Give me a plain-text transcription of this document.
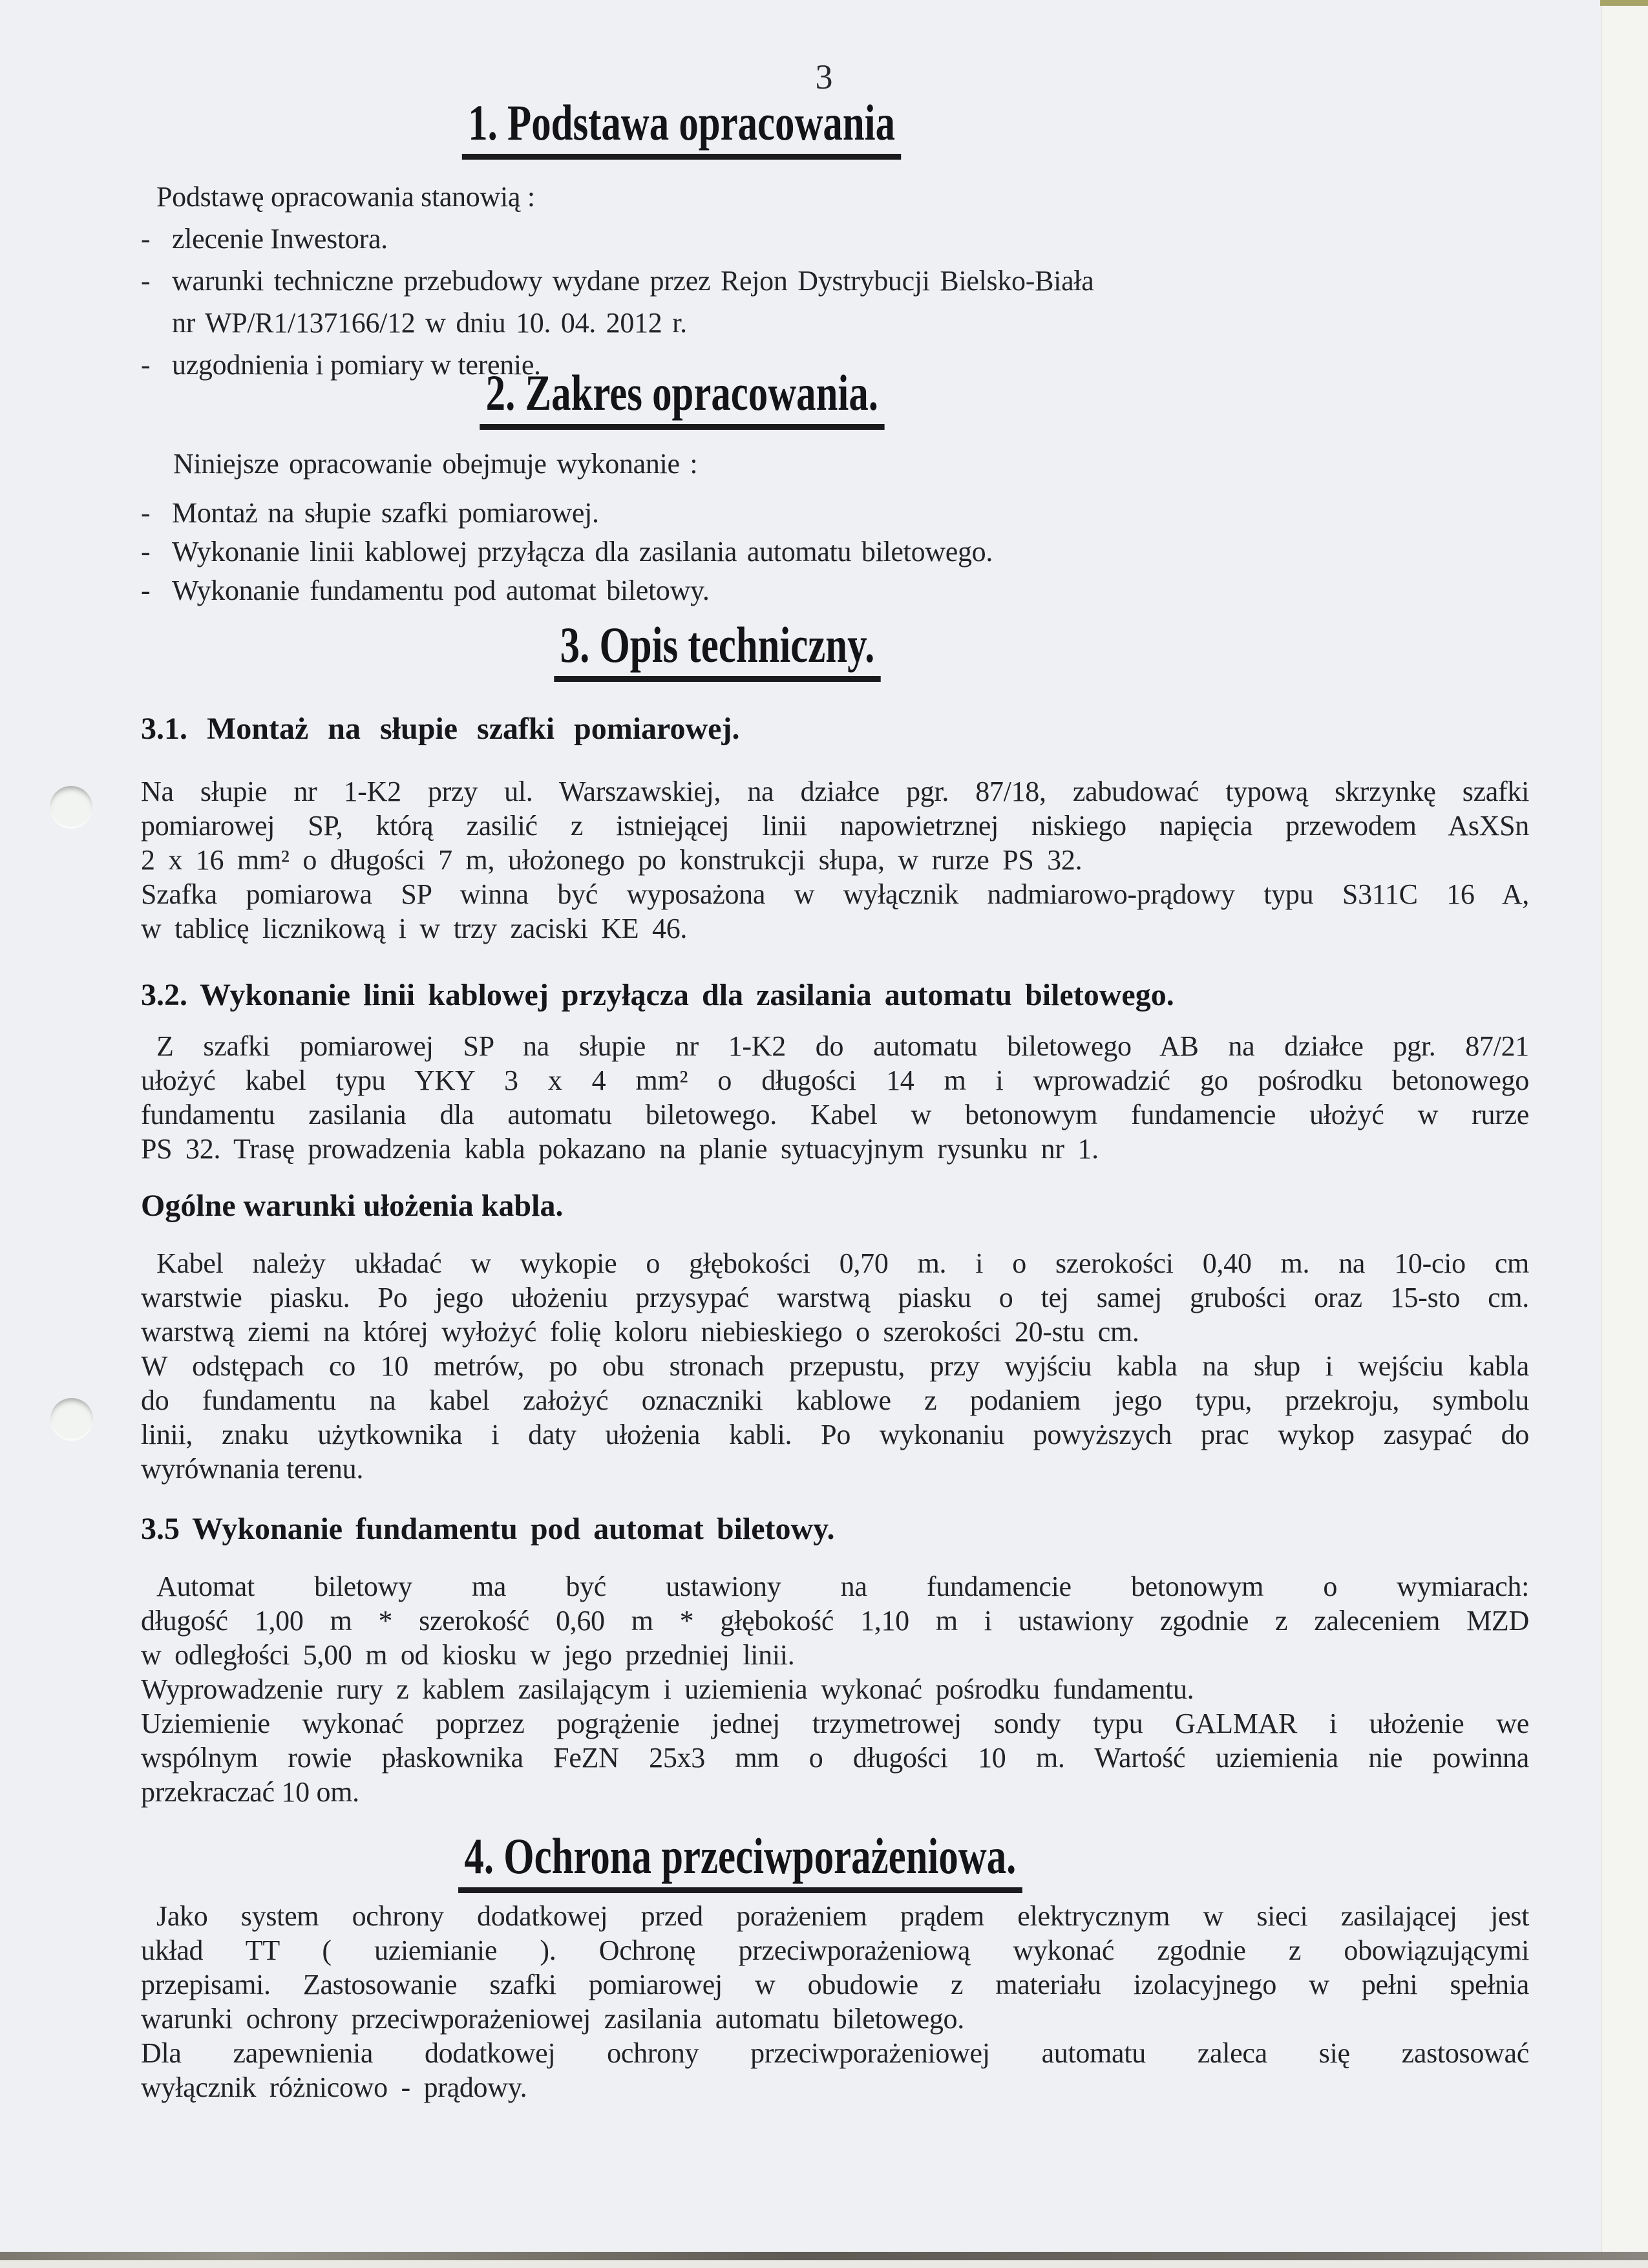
3
1. Podstawa opracowania
Podstawę opracowania stanowią :
- zlecenie Inwestora.
- warunki techniczne przebudowy wydane przez Rejon Dystrybucji Bielsko-Biała
nr WP/R1/137166/12 w dniu 10. 04. 2012 r.
- uzgodnienia i pomiary w terenie.
2. Zakres opracowania.
Niniejsze opracowanie obejmuje wykonanie :
- Montaż na słupie szafki pomiarowej.
- Wykonanie linii kablowej przyłącza dla zasilania automatu biletowego.
- Wykonanie fundamentu pod automat biletowy.
3. Opis techniczny.
3.1. Montaż na słupie szafki pomiarowej.
Na słupie nr 1-K2 przy ul. Warszawskiej, na działce pgr. 87/18, zabudować typową skrzynkę szafki
pomiarowej SP, którą zasilić z istniejącej linii napowietrznej niskiego napięcia przewodem AsXSn
2 x 16 mm² o długości 7 m, ułożonego po konstrukcji słupa, w rurze PS 32.
Szafka pomiarowa SP winna być wyposażona w wyłącznik nadmiarowo-prądowy typu S311C 16 A,
w tablicę licznikową i w trzy zaciski KE 46.
3.2. Wykonanie linii kablowej przyłącza dla zasilania automatu biletowego.
Z szafki pomiarowej SP na słupie nr 1-K2 do automatu biletowego AB na działce pgr. 87/21
ułożyć kabel typu YKY 3 x 4 mm² o długości 14 m i wprowadzić go pośrodku betonowego
fundamentu zasilania dla automatu biletowego. Kabel w betonowym fundamencie ułożyć w rurze
PS 32. Trasę prowadzenia kabla pokazano na planie sytuacyjnym rysunku nr 1.
Ogólne warunki ułożenia kabla.
Kabel należy układać w wykopie o głębokości 0,70 m. i o szerokości 0,40 m. na 10-cio cm
warstwie piasku. Po jego ułożeniu przysypać warstwą piasku o tej samej grubości oraz 15-sto cm.
warstwą ziemi na której wyłożyć folię koloru niebieskiego o szerokości 20-stu cm.
W odstępach co 10 metrów, po obu stronach przepustu, przy wyjściu kabla na słup i wejściu kabla
do fundamentu na kabel założyć oznaczniki kablowe z podaniem jego typu, przekroju, symbolu
linii, znaku użytkownika i daty ułożenia kabli. Po wykonaniu powyższych prac wykop zasypać do
wyrównania terenu.
3.5 Wykonanie fundamentu pod automat biletowy.
Automat biletowy ma być ustawiony na fundamencie betonowym o wymiarach:
długość 1,00 m * szerokość 0,60 m * głębokość 1,10 m i ustawiony zgodnie z zaleceniem MZD
w odległości 5,00 m od kiosku w jego przedniej linii.
Wyprowadzenie rury z kablem zasilającym i uziemienia wykonać pośrodku fundamentu.
Uziemienie wykonać poprzez pogrążenie jednej trzymetrowej sondy typu GALMAR i ułożenie we
wspólnym rowie płaskownika FeZN 25x3 mm o długości 10 m. Wartość uziemienia nie powinna
przekraczać 10 om.
4. Ochrona przeciwporażeniowa.
Jako system ochrony dodatkowej przed porażeniem prądem elektrycznym w sieci zasilającej jest
układ TT ( uziemianie ). Ochronę przeciwporażeniową wykonać zgodnie z obowiązującymi
przepisami. Zastosowanie szafki pomiarowej w obudowie z materiału izolacyjnego w pełni spełnia
warunki ochrony przeciwporażeniowej zasilania automatu biletowego.
Dla zapewnienia dodatkowej ochrony przeciwporażeniowej automatu zaleca się zastosować
wyłącznik różnicowo - prądowy.
